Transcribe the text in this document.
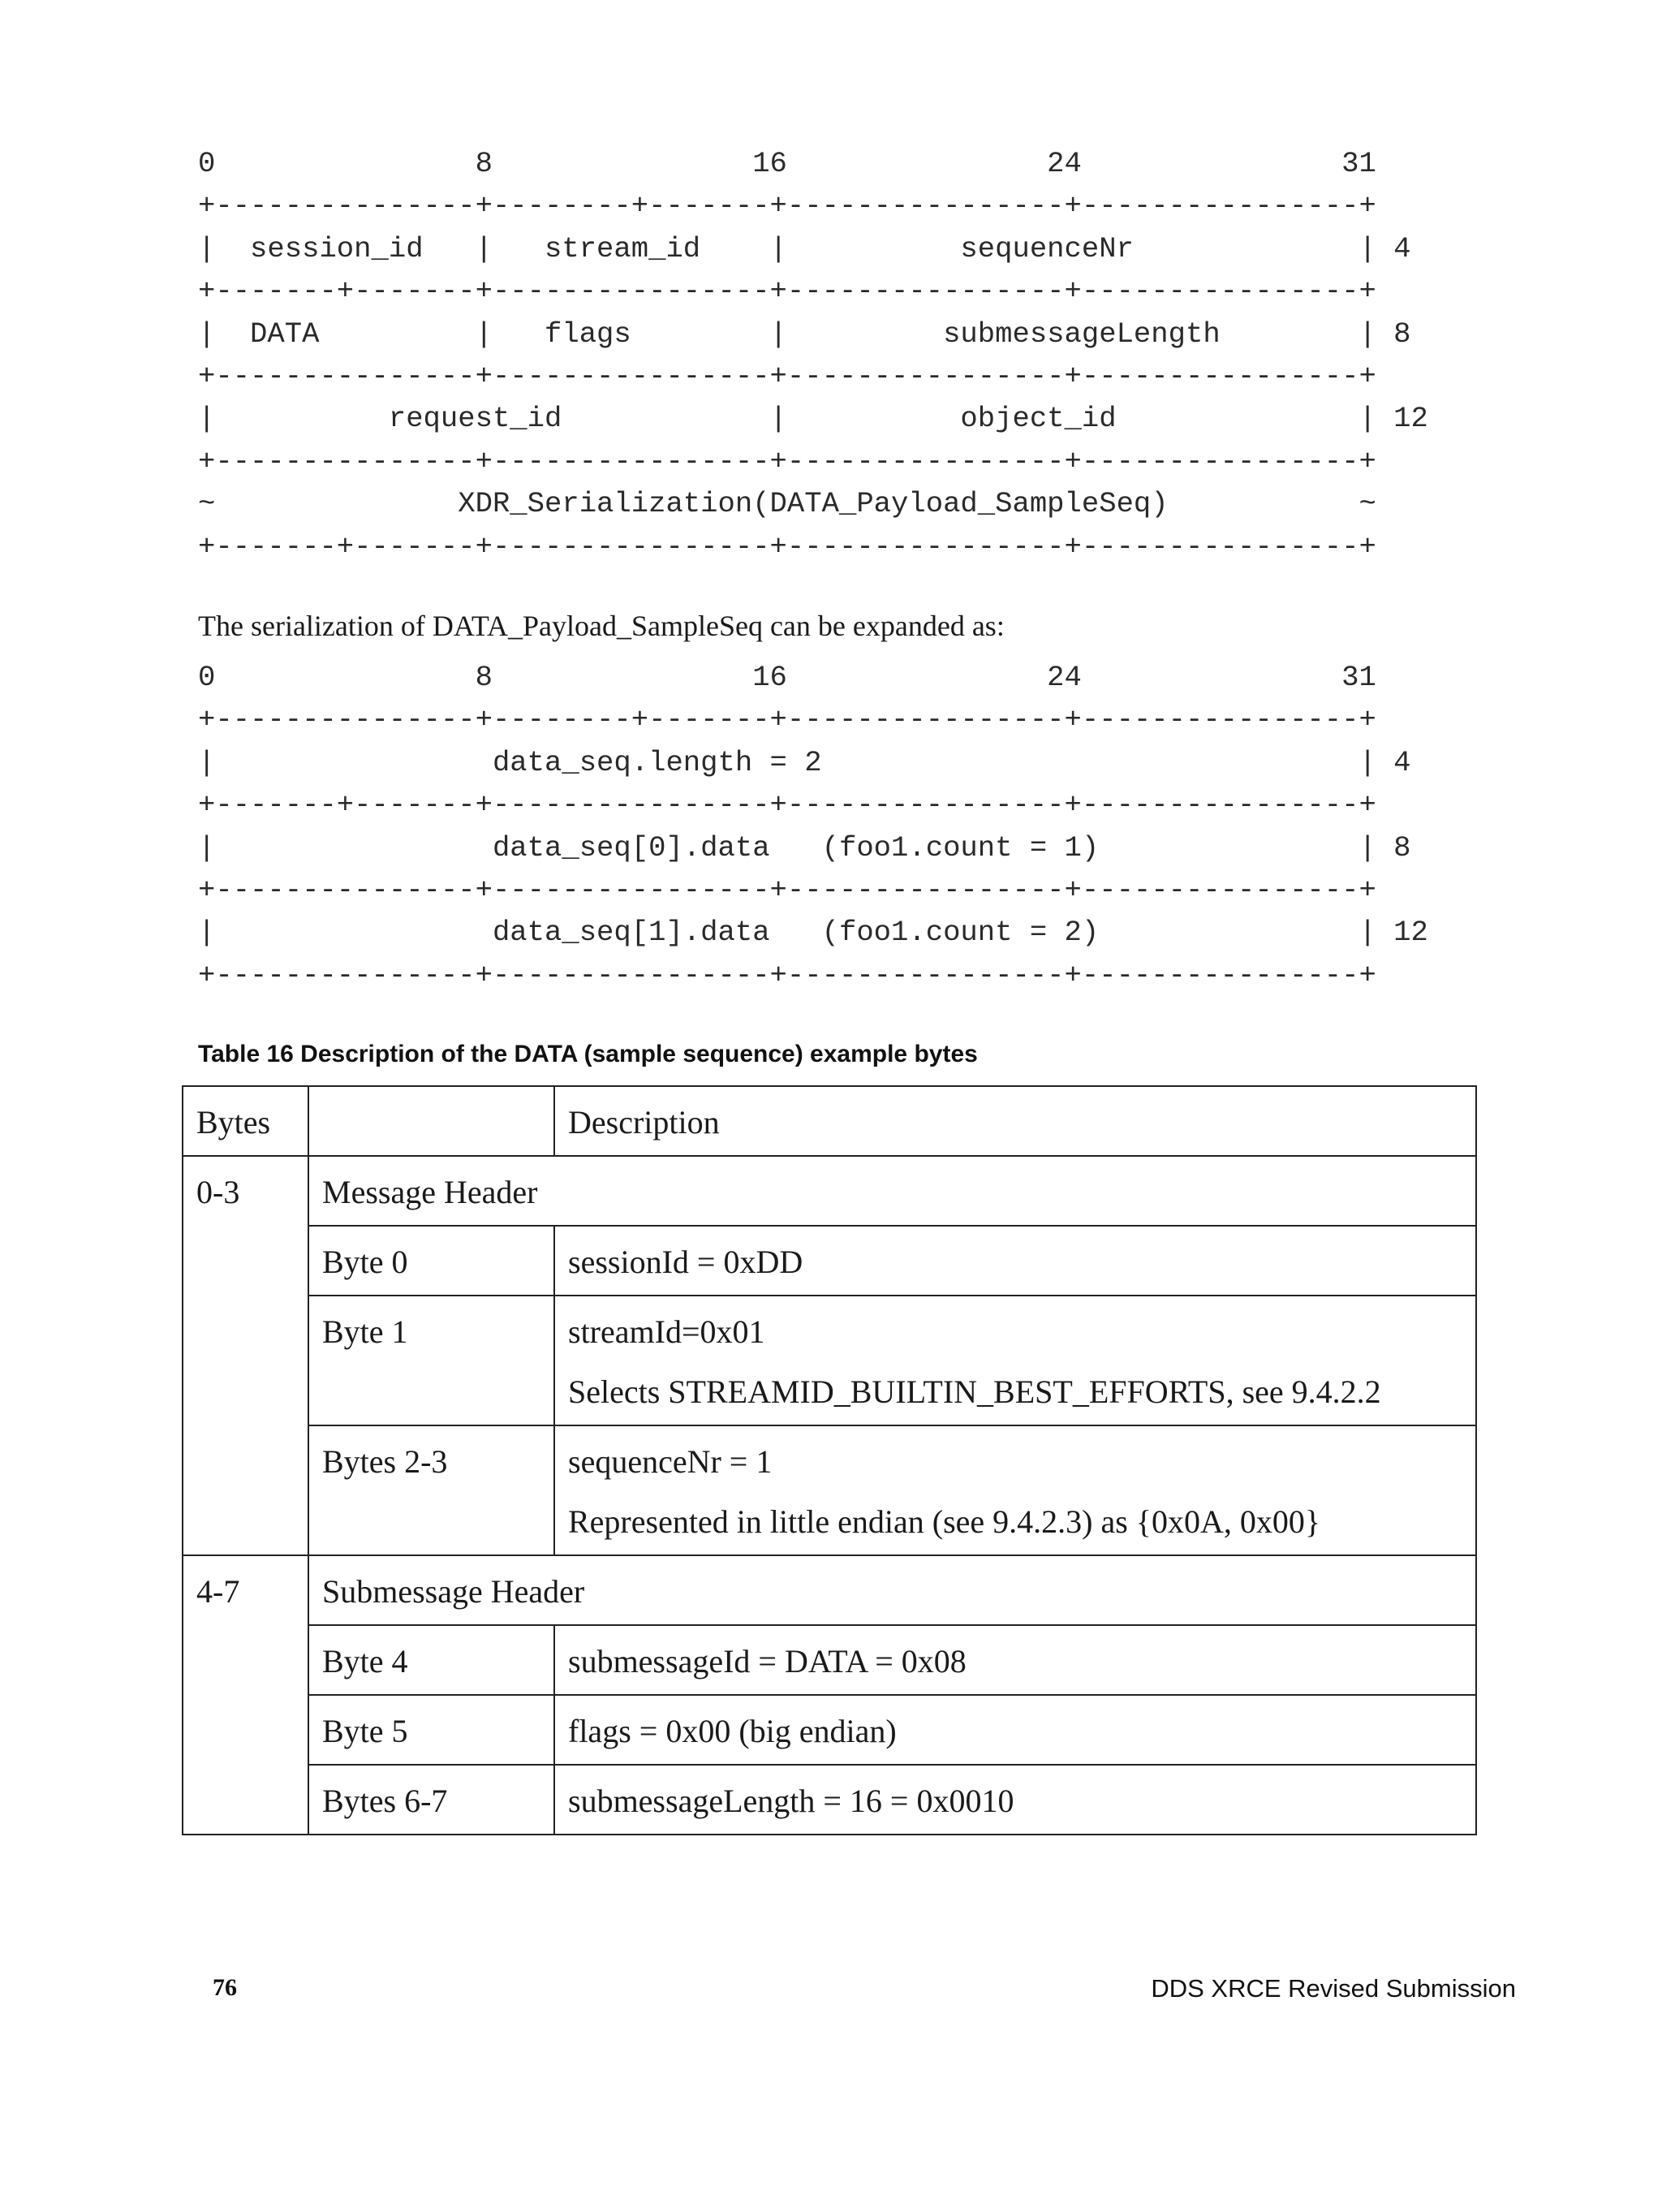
0               8               16               24               31
+---------------+--------+-------+----------------+----------------+
|  session_id   |   stream_id    |          sequenceNr             | 4
+-------+-------+----------------+----------------+----------------+
|  DATA         |   flags        |         submessageLength        | 8
+---------------+----------------+----------------+----------------+
|          request_id            |          object_id              | 12
+---------------+----------------+----------------+----------------+
~              XDR_Serialization(DATA_Payload_SampleSeq)           ~
+-------+-------+----------------+----------------+----------------+
The serialization of DATA_Payload_SampleSeq can be expanded as:
0               8               16               24               31
+---------------+--------+-------+----------------+----------------+
|                data_seq.length = 2                               | 4
+-------+-------+----------------+----------------+----------------+
|                data_seq[0].data   (foo1.count = 1)               | 8
+---------------+----------------+----------------+----------------+
|                data_seq[1].data   (foo1.count = 2)               | 12
+---------------+----------------+----------------+----------------+
Table 16 Description of the DATA (sample sequence) example bytes
Bytes		Description
0-3	Message Header	
	Byte 0	sessionId = 0xDD

	Byte 1	streamId=0x01

Selects STREAMID_BUILTIN_BEST_EFFORTS, see 9.4.2.2

	Bytes 2-3	sequenceNr = 1

Represented in little endian (see 9.4.2.3) as {0x0A, 0x00}

4-7	Submessage Header	
	Byte 4	submessageId = DATA = 0x08

	Byte 5	flags = 0x00 (big endian)

	Bytes 6-7	submessageLength = 16 = 0x0010

76	DDS XRCE Revised Submission
